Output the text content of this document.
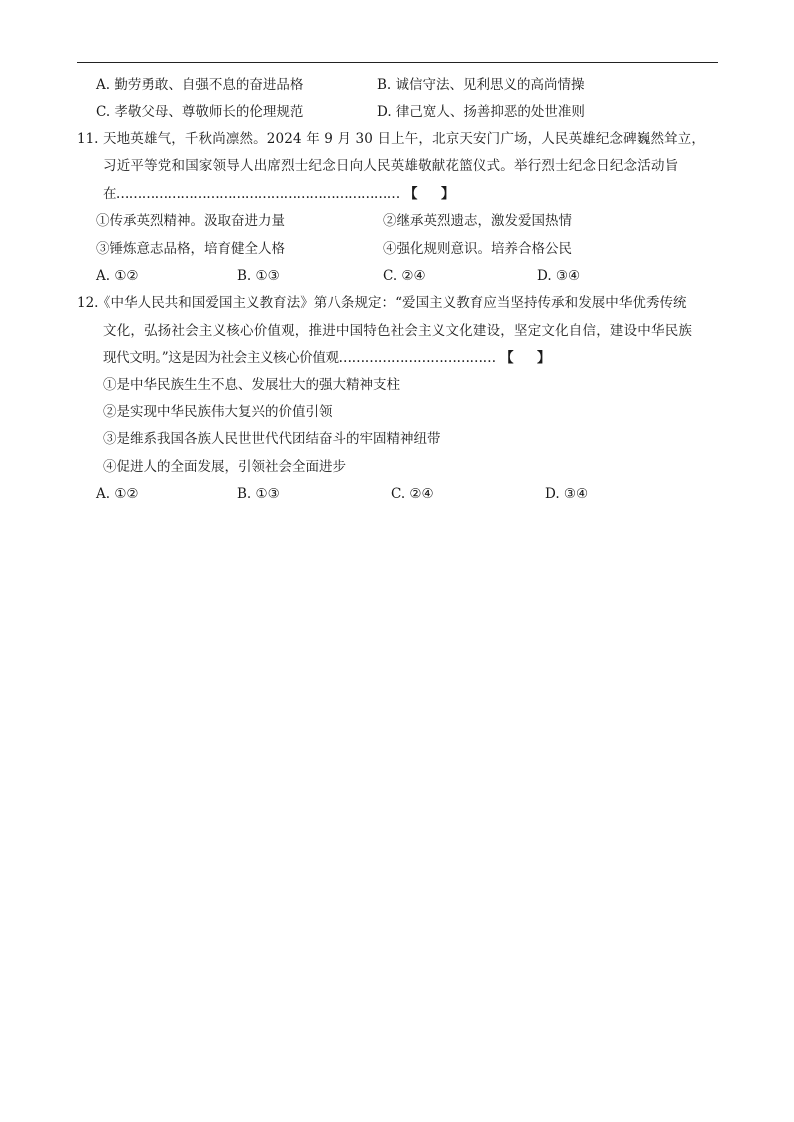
A. 勤劳勇敢、自强不息的奋进品格	B. 诚信守法、见利思义的高尚情操
C. 孝敬父母、尊敬师长的伦理规范	D. 律己宽人、扬善抑恶的处世准则
11. 天地英雄气，千秋尚凛然。2024 年 9 月 30 日上午，北京天安门广场，人民英雄纪念碑巍然耸立，
习近平等党和国家领导人出席烈士纪念日向人民英雄敬献花篮仪式。举行烈士纪念日纪念活动旨
在………………………………………………………… 【     】
①传承英烈精神。汲取奋进力量	②继承英烈遗志，激发爱国热情
③锤炼意志品格，培育健全人格	④强化规则意识。培养合格公民
A. ①②	B. ①③	C. ②④	D. ③④
12.
《中华人民共和国爱国主义教育法》第八条规定：“爱国主义教育应当坚持传承和发展中华优秀传统
文化，弘扬社会主义核心价值观，推进中国特色社会主义文化建设，坚定文化自信，建设中华民族
现代文明。”这是因为社会主义核心价值观……………………………… 【     】
①是中华民族生生不息、发展壮大的强大精神支柱
②是实现中华民族伟大复兴的价值引领
③是维系我国各族人民世世代代团结奋斗的牢固精神纽带
④促进人的全面发展，引领社会全面进步
A. ①②	B. ①③	C. ②④	D. ③④
